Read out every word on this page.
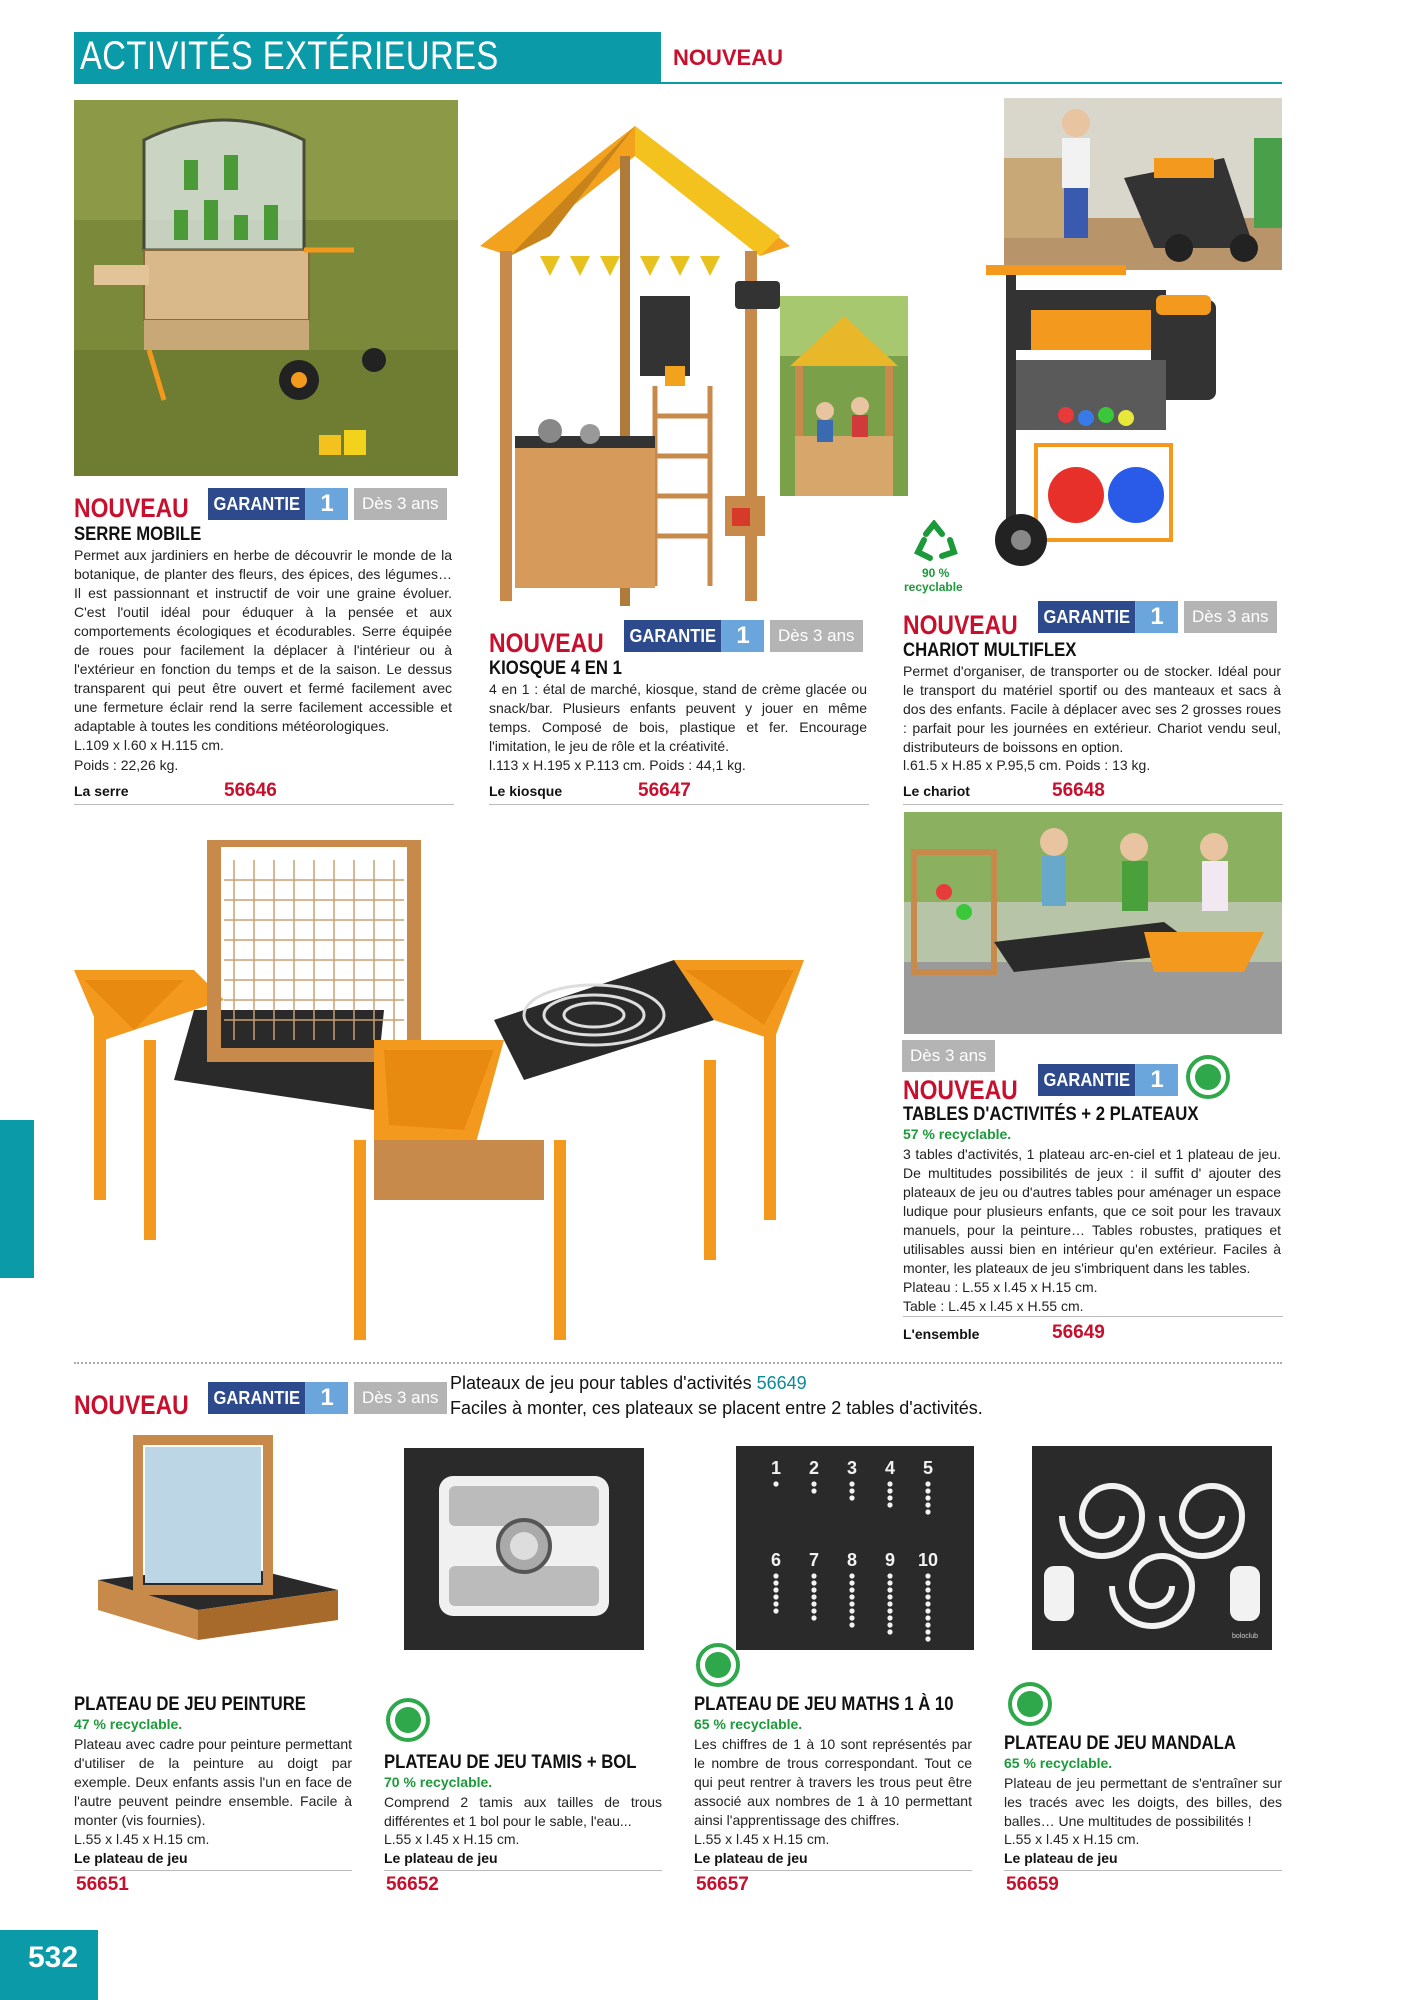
ACTIVITÉS EXTÉRIEURES	NOUVEAU
NOUVEAU	GARANTIE 1	Dès 3 ans
SERRE MOBILE
Permet aux jardiniers en herbe de découvrir le monde de la botanique, de planter des fleurs, des épices, des légumes… Il est passionnant et instructif de voir une graine évoluer. C'est l'outil idéal pour éduquer à la pensée et aux comportements écologiques et écodurables. Serre équipée de roues pour facilement la déplacer à l'intérieur ou à l'extérieur en fonction du temps et de la saison. Le dessus transparent qui peut être ouvert et fermé facilement avec une fermeture éclair rend la serre facilement accessible et adaptable à toutes les conditions météorologiques.
L.109 x l.60 x H.115 cm.
Poids : 22,26 kg.
La serre	56646
NOUVEAU	GARANTIE 1	Dès 3 ans
KIOSQUE 4 EN 1
4 en 1 : étal de marché, kiosque, stand de crème glacée ou snack/bar. Plusieurs enfants peuvent y jouer en même temps. Composé de bois, plastique et fer. Encourage l'imitation, le jeu de rôle et la créativité.
l.113 x H.195 x P.113 cm. Poids : 44,1 kg.
Le kiosque	56647
90 %
recyclable
NOUVEAU	GARANTIE 1	Dès 3 ans
CHARIOT MULTIFLEX
Permet d'organiser, de transporter ou de stocker. Idéal pour le transport du matériel sportif ou des manteaux et sacs à dos des enfants. Facile à déplacer avec ses 2 grosses roues : parfait pour les journées en extérieur. Chariot vendu seul, distributeurs de boissons en option.
l.61.5 x H.85 x P.95,5 cm. Poids : 13 kg.
Le chariot	56648
Dès 3 ans
NOUVEAU	GARANTIE 1
TABLES D'ACTIVITÉS + 2 PLATEAUX
57 % recyclable.
3 tables d'activités, 1 plateau arc-en-ciel et 1 plateau de jeu. De multitudes possibilités de jeux : il suffit d' ajouter des plateaux de jeu ou d'autres tables pour aménager un espace ludique pour plusieurs enfants, que ce soit pour les travaux manuels, pour la peinture… Tables robustes, pratiques et utilisables aussi bien en intérieur qu'en extérieur. Faciles à monter, les plateaux de jeu s'imbriquent dans les tables.
Plateau : L.55 x l.45 x H.15 cm.
Table : L.45 x l.45 x H.55 cm.
L'ensemble	56649
NOUVEAU	GARANTIE 1	Dès 3 ans
Plateaux de jeu pour tables d'activités 56649
Faciles à monter, ces plateaux se placent entre 2 tables d'activités.
1 2 3 4 5
6 7 8 9 10
boloclub
PLATEAU DE JEU PEINTURE
47 % recyclable.
Plateau avec cadre pour peinture permettant d'utiliser de la peinture au doigt par exemple. Deux enfants assis l'un en face de l'autre peuvent peindre ensemble. Facile à monter (vis fournies).
L.55 x l.45 x H.15 cm.
Le plateau de jeu
56651
PLATEAU DE JEU TAMIS + BOL
70 % recyclable.
Comprend 2 tamis aux tailles de trous différentes et 1 bol pour le sable, l'eau...
L.55 x l.45 x H.15 cm.
Le plateau de jeu
56652
PLATEAU DE JEU MATHS 1 À 10
65 % recyclable.
Les chiffres de 1 à 10 sont représentés par le nombre de trous correspondant. Tout ce qui peut rentrer à travers les trous peut être associé aux nombres de 1 à 10 permettant ainsi l'apprentissage des chiffres.
L.55 x l.45 x H.15 cm.
Le plateau de jeu
56657
PLATEAU DE JEU MANDALA
65 % recyclable.
Plateau de jeu permettant de s'entraîner sur les tracés avec les doigts, des billes, des balles… Une multitudes de possibilités !
L.55 x l.45 x H.15 cm.
Le plateau de jeu
56659
532
